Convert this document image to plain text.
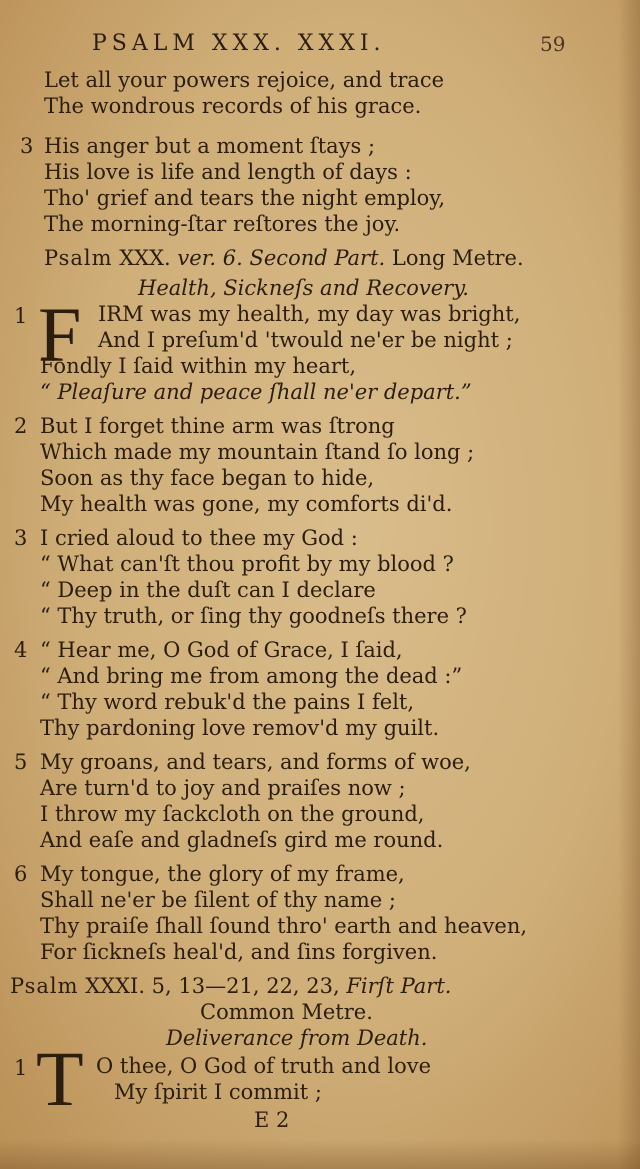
PSALM XXX. XXXI.	59
Let all your powers rejoice, and trace
The wondrous records of his grace.
3 His anger but a moment ſtays ;
His love is life and length of days :
Tho' grief and tears the night employ,
The morning-ſtar reſtores the joy.
Psalm XXX. ver. 6. Second Part. Long Metre.
Health, Sickneſs and Recovery.
1 F IRM was my health, my day was bright,
And I preſum'd 'twould ne'er be night ;
Fondly I ſaid within my heart,
“ Pleaſure and peace ſhall ne'er depart.”
2 But I forget thine arm was ſtrong
Which made my mountain ſtand ſo long ;
Soon as thy face began to hide,
My health was gone, my comforts di'd.
3 I cried aloud to thee my God :
“ What can'ſt thou profit by my blood ?
“ Deep in the duſt can I declare
“ Thy truth, or ſing thy goodneſs there ?
4 “ Hear me, O God of Grace, I ſaid,
“ And bring me from among the dead :”
“ Thy word rebuk'd the pains I felt,
Thy pardoning love remov'd my guilt.
5 My groans, and tears, and forms of woe,
Are turn'd to joy and praiſes now ;
I throw my ſackcloth on the ground,
And eaſe and gladneſs gird me round.
6 My tongue, the glory of my frame,
Shall ne'er be ſilent of thy name ;
Thy praiſe ſhall ſound thro' earth and heaven,
For ſickneſs heal'd, and ſins forgiven.
Psalm XXXI. 5, 13—21, 22, 23, Firſt Part.
Common Metre.
Deliverance from Death.
1 T O thee, O God of truth and love
My ſpirit I commit ;
E 2
